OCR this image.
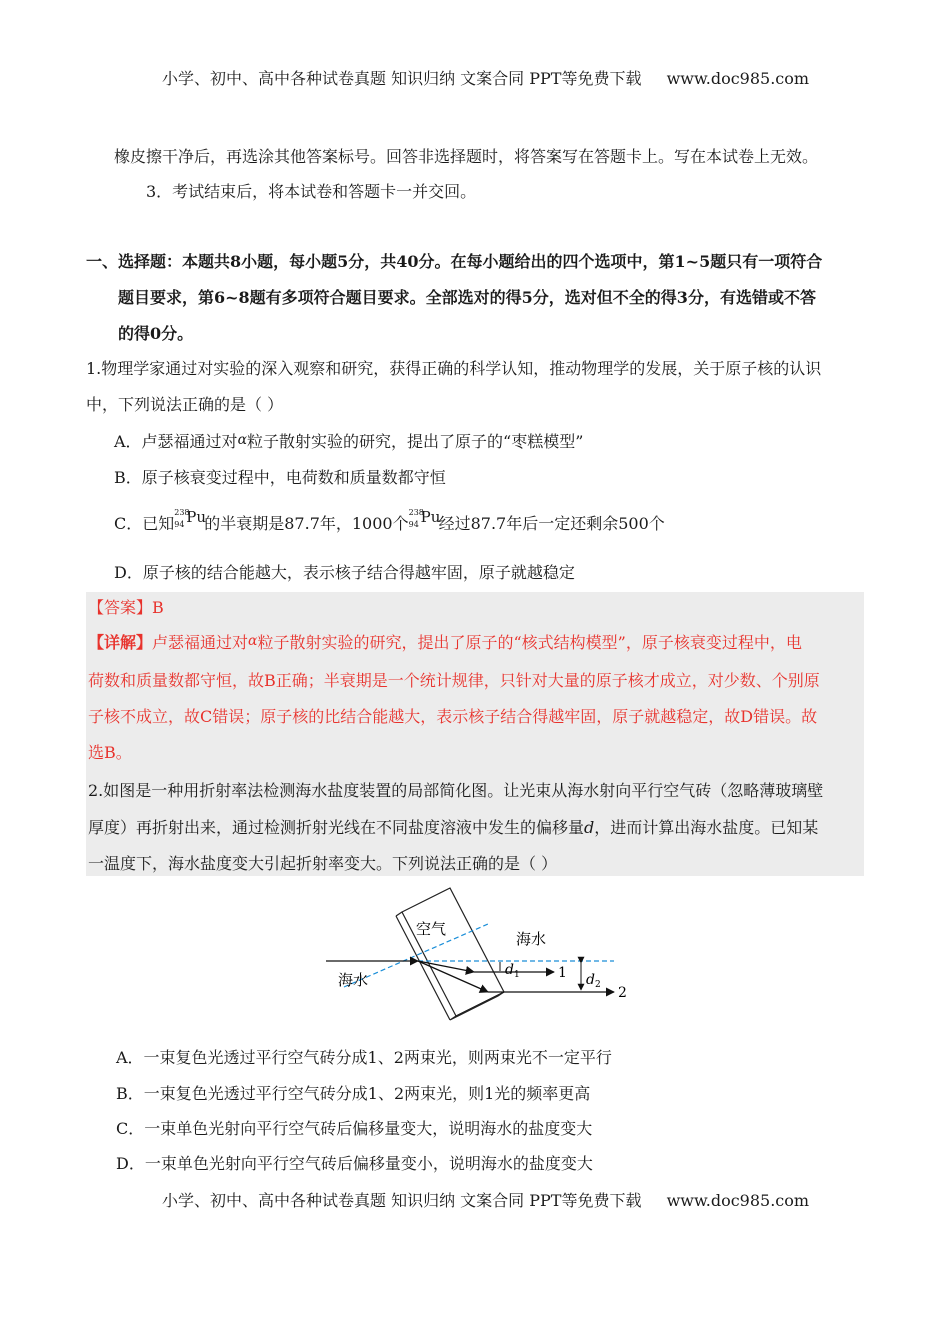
小学、初中、高中各种试卷真题 知识归纳 文案合同 PPT等免费下载 www.doc985.com
橡皮擦干净后，再选涂其他答案标号。回答非选择题时，将答案写在答题卡上。写在本试卷上无效。
3．考试结束后，将本试卷和答题卡一并交回。
一、选择题：本题共8小题，每小题5分，共40分。在每小题给出的四个选项中，第1~5题只有一项符合
题目要求，第6~8题有多项符合题目要求。全部选对的得5分，选对但不全的得3分，有选错或不答
的得0分。
1.物理学家通过对实验的深入观察和研究，获得正确的科学认知，推动物理学的发展，关于原子核的认识
中，下列说法正确的是（ ）
A．卢瑟福通过对α粒子散射实验的研究，提出了原子的“枣糕模型”
B．原子核衰变过程中，电荷数和质量数都守恒
C．已知
238
94 Pu
的半衰期是87.7年，1000个
238
94 Pu
经过87.7年后一定还剩余500个
D．原子核的结合能越大，表示核子结合得越牢固，原子就越稳定
【答案】B
【详解】卢瑟福通过对α粒子散射实验的研究，提出了原子的“核式结构模型”，原子核衰变过程中，电
荷数和质量数都守恒，故B正确；半衰期是一个统计规律，只针对大量的原子核才成立，对少数、个别原
子核不成立，故C错误；原子核的比结合能越大，表示核子结合得越牢固，原子就越稳定，故D错误。故
选B。
2.如图是一种用折射率法检测海水盐度装置的局部简化图。让光束从海水射向平行空气砖（忽略薄玻璃壁
厚度）再折射出来，通过检测折射光线在不同盐度溶液中发生的偏移量d，进而计算出海水盐度。已知某
一温度下，海水盐度变大引起折射率变大。下列说法正确的是（ ）
空气
海水
海水
$d_1$	$d_2$
1
2
A．一束复色光透过平行空气砖分成1、2两束光，则两束光不一定平行
B．一束复色光透过平行空气砖分成1、2两束光，则1光的频率更高
C．一束单色光射向平行空气砖后偏移量变大，说明海水的盐度变大
D．一束单色光射向平行空气砖后偏移量变小，说明海水的盐度变大
小学、初中、高中各种试卷真题 知识归纳 文案合同 PPT等免费下载 www.doc985.com
